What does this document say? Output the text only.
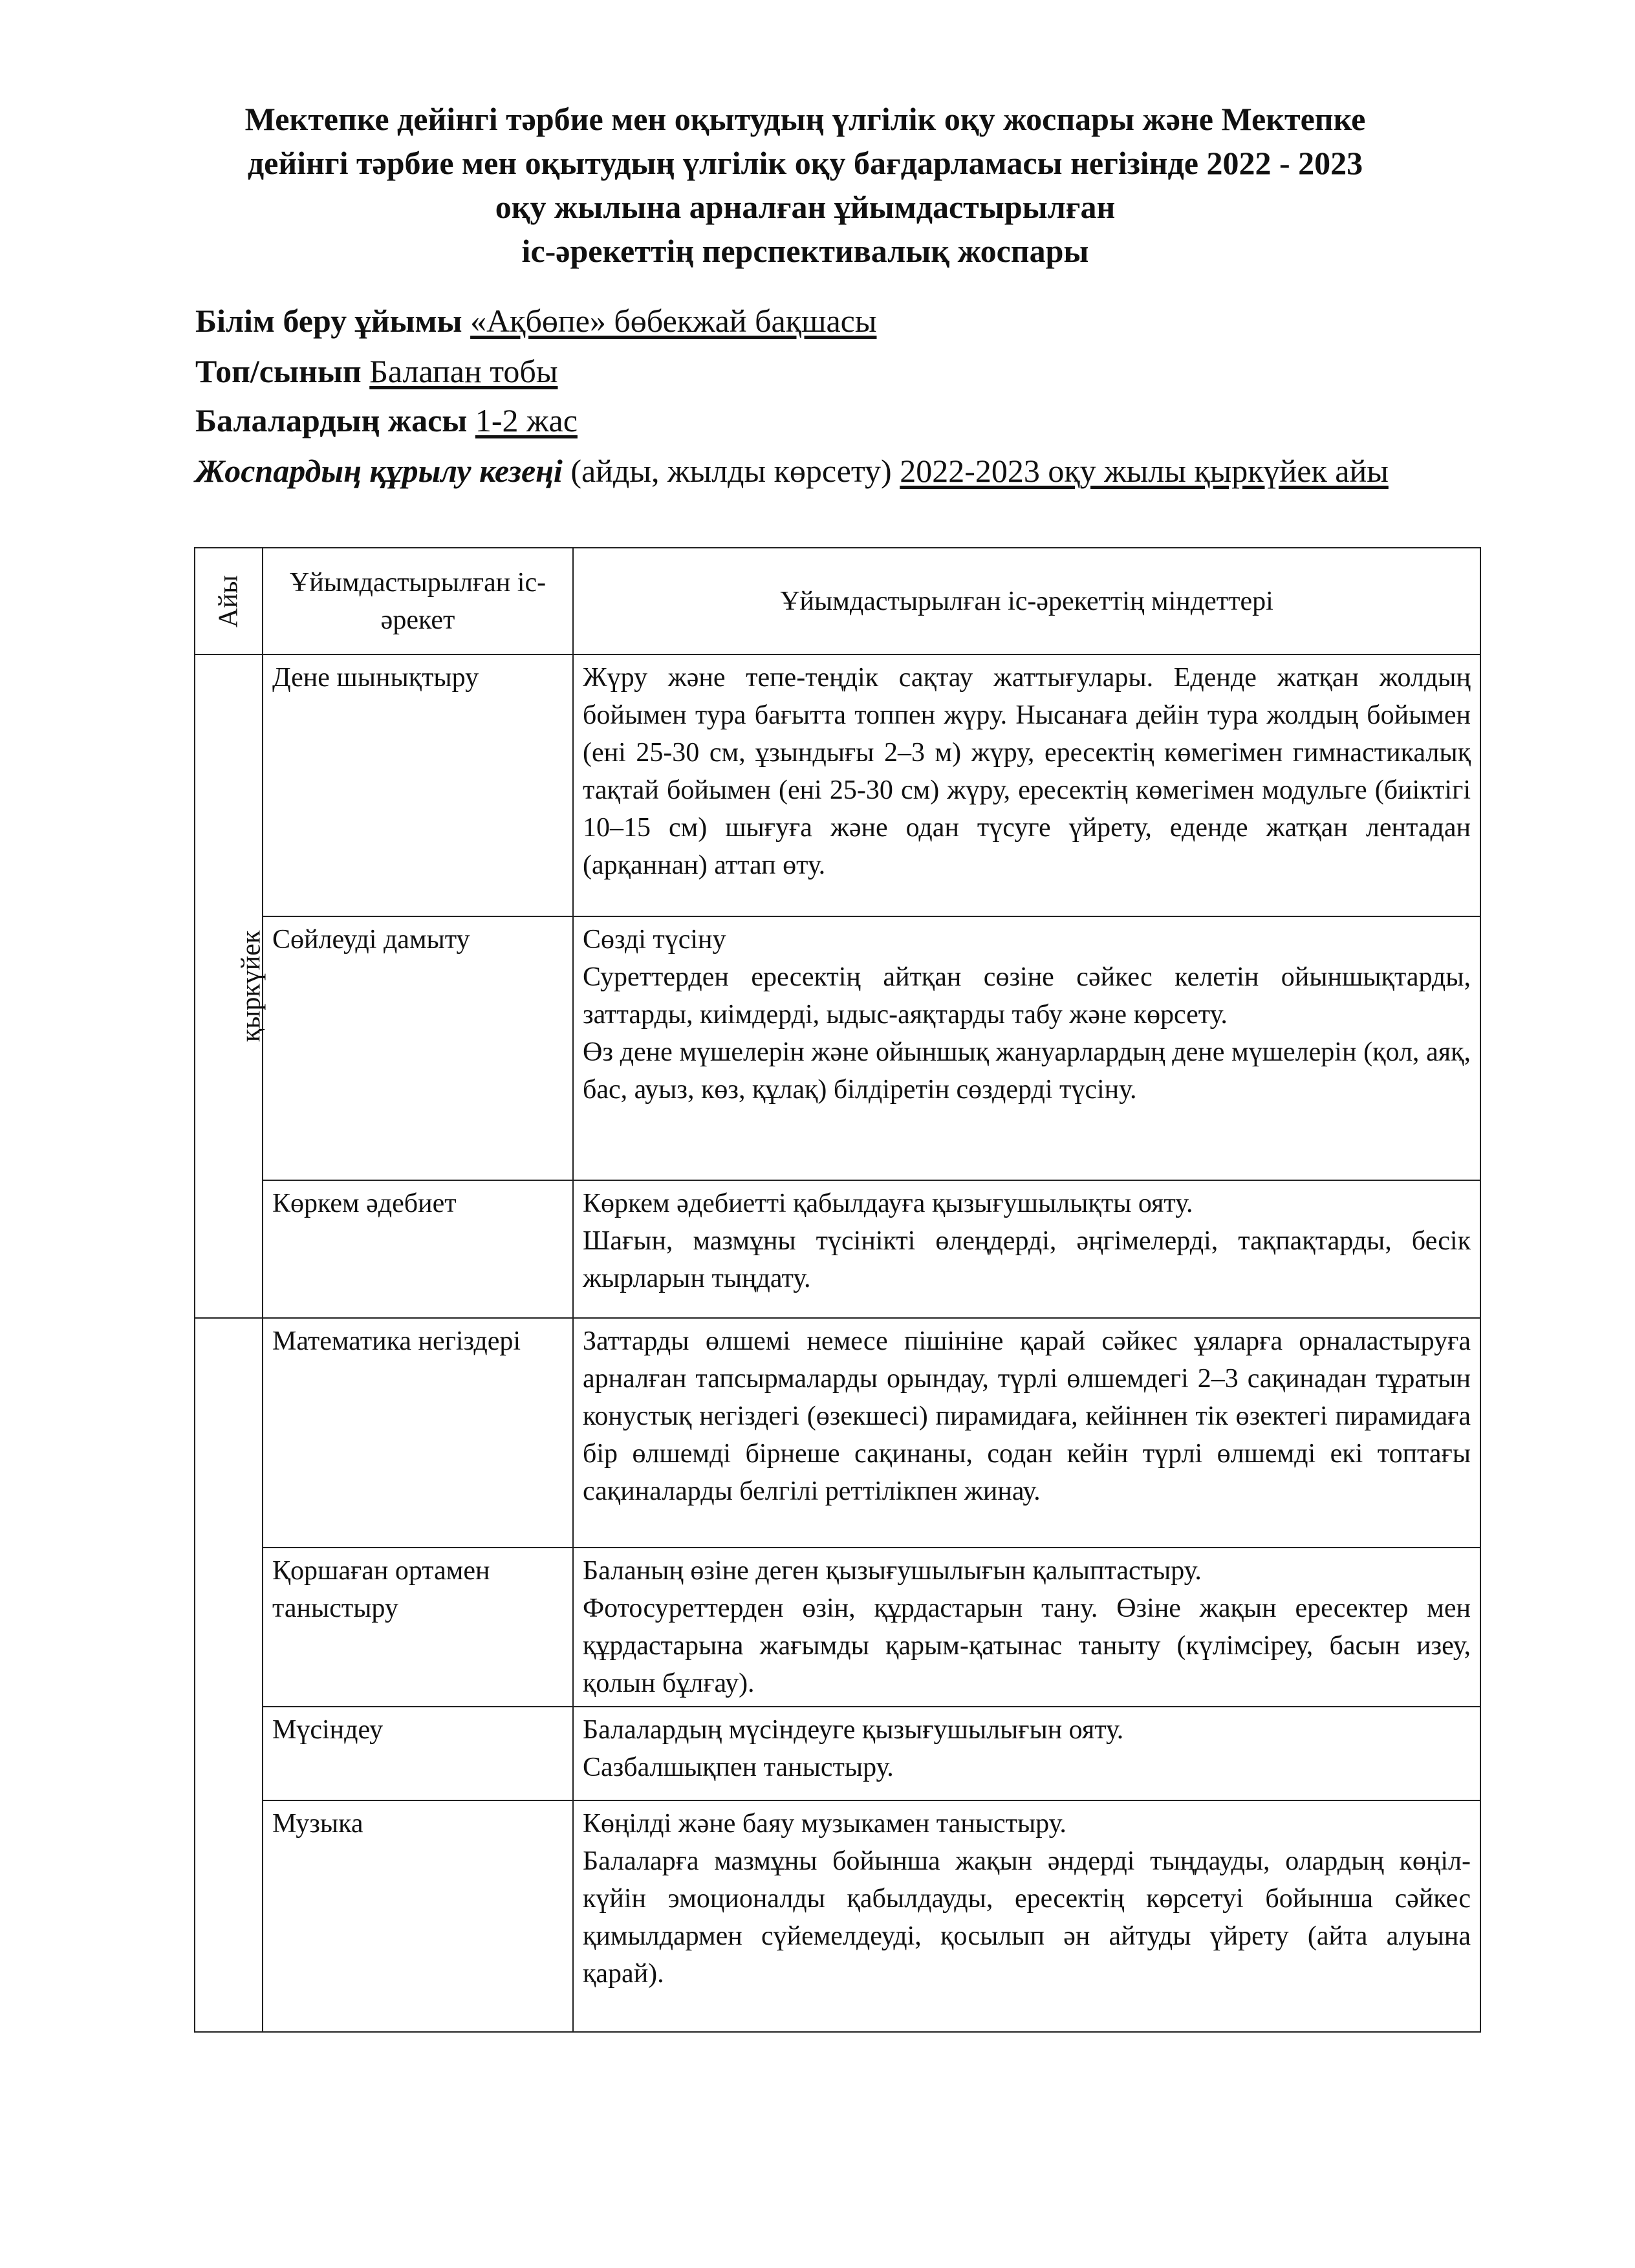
Мектепке дейінгі тәрбие мен оқытудың үлгілік оқу жоспары және Мектепке
дейінгі тәрбие мен оқытудың үлгілік оқу бағдарламасы негізінде 2022 - 2023
оқу жылына арналған ұйымдастырылған
іс-әрекеттің перспективалық жоспары
Білім беру ұйымы «Ақбөпе» бөбекжай бақшасы
Топ/сынып Балапан тобы
Балалардың жасы 1-2 жас
Жоспардың құрылу кезеңі (айды, жылды көрсету) 2022-2023 оқу жылы қыркүйек айы
Айы	Ұйымдастырылған іс-әрекет	Ұйымдастырылған іс-әрекеттің міндеттері
қыркүйек	Дене шынықтыру	Жүру және тепе-теңдік сақтау жаттығулары. Еденде жатқан жолдың бойымен тура бағытта топпен жүру. Нысанаға дейін тура жолдың бойымен (ені 25-30 см, ұзындығы 2–3 м) жүру, ересектің көмегімен гимнастикалық тақтай бойымен (ені 25-30 см) жүру, ересектің көмегімен модульге (биіктігі 10–15 см) шығуға және одан түсуге үйрету, еденде жатқан лентадан (арқаннан) аттап өту.

	Сөйлеуді дамыту	Сөзді түсіну

Суреттерден ересектің айтқан сөзіне сәйкес келетін ойыншықтарды, заттарды, киімдерді, ыдыс-аяқтарды табу және көрсету.

Өз дене мүшелерін және ойыншық жануарлардың дене мүшелерін (қол, аяқ, бас, ауыз, көз, құлақ) білдіретін сөздерді түсіну.

	Көркем әдебиет	Көркем әдебиетті қабылдауға қызығушылықты ояту.

Шағын, мазмұны түсінікті өлеңдерді, әңгімелерді, тақпақтарды, бесік жырларын тыңдату.

	Математика негіздері	Заттарды өлшемі немесе пішініне қарай сәйкес ұяларға орналастыруға арналған тапсырмаларды орындау, түрлі өлшемдегі 2–3 сақинадан тұратын конустық негіздегі (өзекшесі) пирамидаға, кейіннен тік өзектегі пирамидаға бір өлшемді бірнеше сақинаны, содан кейін түрлі өлшемді екі топтағы сақиналарды белгілі реттілікпен жинау.

	Қоршаған ортамен таныстыру	Баланың өзіне деген қызығушылығын қалыптастыру.

Фотосуреттерден өзін, құрдастарын тану. Өзіне жақын ересектер мен құрдастарына жағымды қарым-қатынас таныту (күлімсіреу, басын изеу, қолын бұлғау).

	Мүсіндеу	Балалардың мүсіндеуге қызығушылығын ояту.

Сазбалшықпен таныстыру.

	Музыка	Көңілді және баяу музыкамен таныстыру.

Балаларға мазмұны бойынша жақын әндерді тыңдауды, олардың көңіл-күйін эмоционалды қабылдауды, ересектің көрсетуі бойынша сәйкес қимылдармен сүйемелдеуді, қосылып ән айтуды үйрету (айта алуына қарай).
